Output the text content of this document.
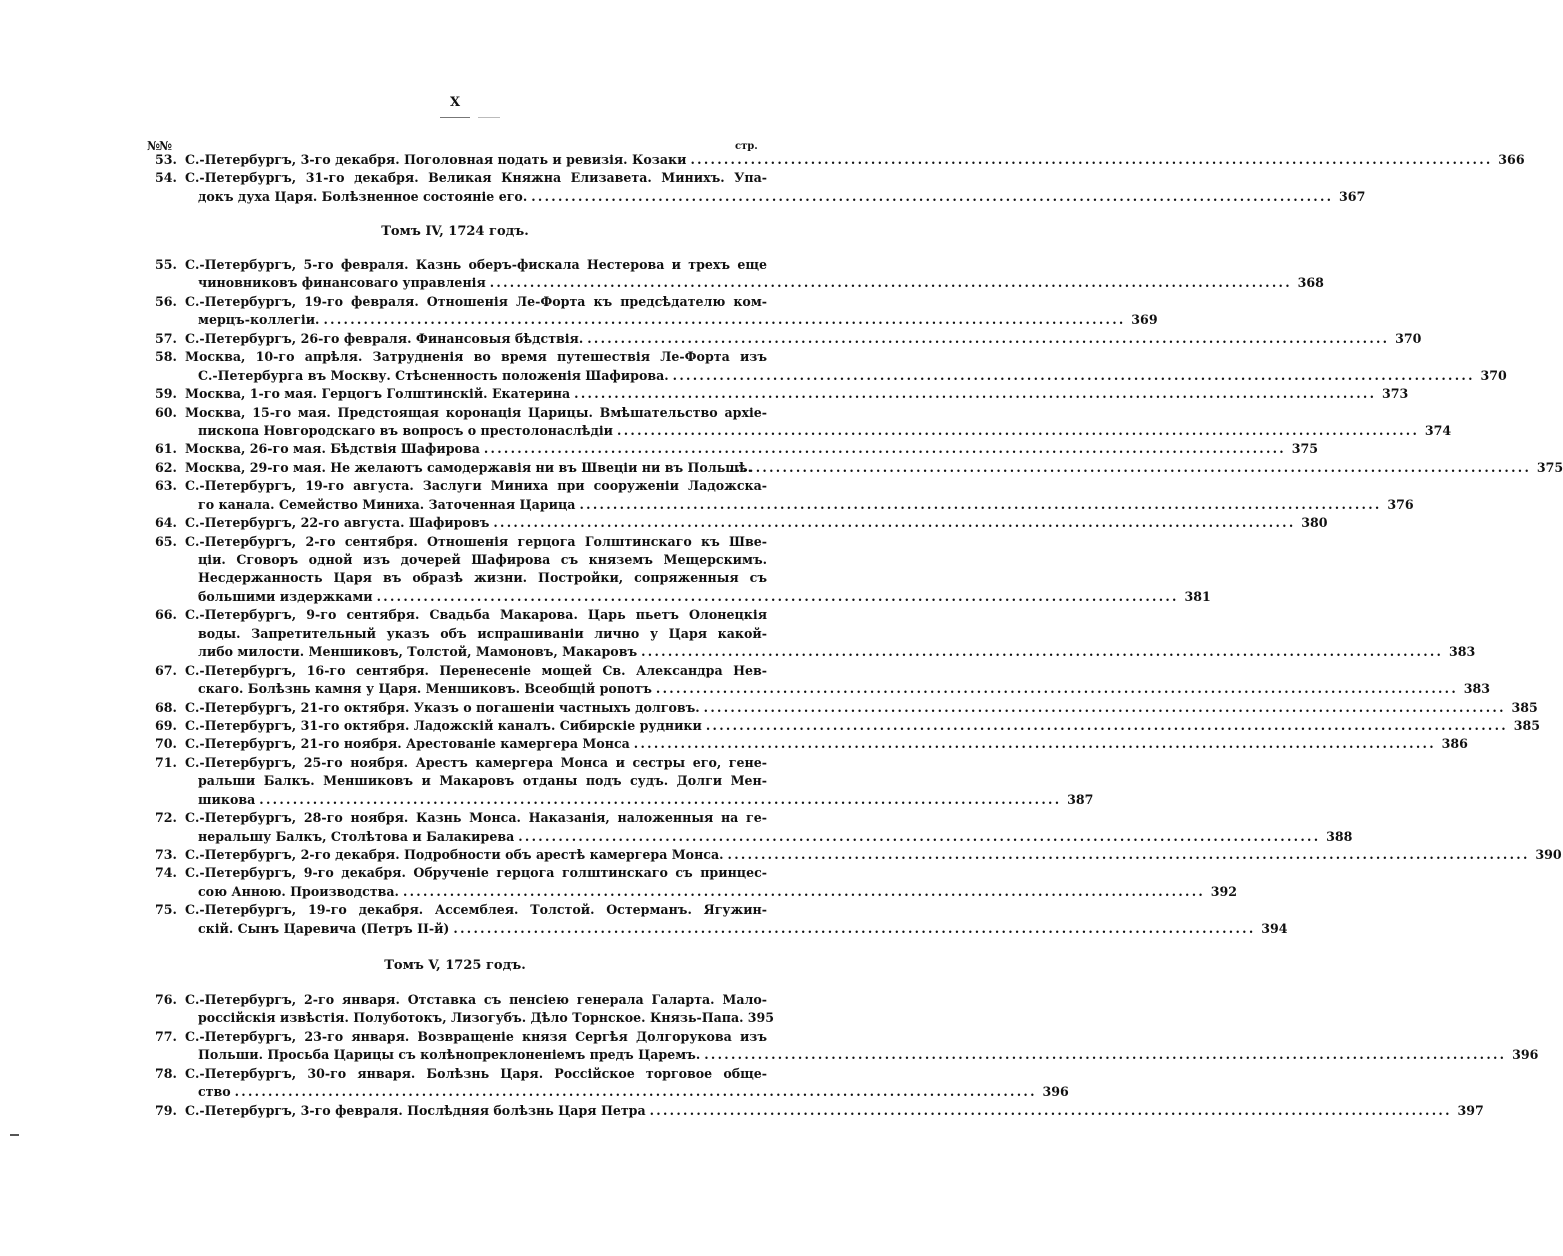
X
№№	стр.
53. С.-Петербургъ, 3-го декабря. Поголовная подать и ревизія. Козаки ........................................................................................................................ 366
54. С.-Петербургъ, 31-го декабря. Великая Княжна Елизавета. Минихъ. Упа-
докъ духа Царя. Болѣзненное состояніе его. ........................................................................................................................ 367
Томъ IV, 1724 годъ.
55. С.-Петербургъ, 5-го февраля. Казнь оберъ-фискала Нестерова и трехъ еще
чиновниковъ финансоваго управленія ........................................................................................................................ 368
56. С.-Петербургъ, 19-го февраля. Отношенія Ле-Форта къ предсѣдателю ком-
мерцъ-коллегіи. ........................................................................................................................ 369
57. С.-Петербургъ, 26-го февраля. Финансовыя бѣдствія. ........................................................................................................................ 370
58. Москва, 10-го апрѣля. Затрудненія во время путешествія Ле-Форта изъ
С.-Петербурга въ Москву. Стѣсненность положенія Шафирова. ........................................................................................................................ 370
59. Москва, 1-го мая. Герцогъ Голштинскій. Екатерина ........................................................................................................................ 373
60. Москва, 15-го мая. Предстоящая коронація Царицы. Вмѣшательство архіе-
пископа Новгородскаго въ вопросъ о престолонаслѣдіи ........................................................................................................................ 374
61. Москва, 26-го мая. Бѣдствія Шафирова ........................................................................................................................ 375
62. Москва, 29-го мая. Не желаютъ самодержавія ни въ Швеціи ни въ Польшѣ.
........................................................................................................................ 375
63. С.-Петербургъ, 19-го августа. Заслуги Миниха при сооруженіи Ладожска-
го канала. Семейство Миниха. Заточенная Царица ........................................................................................................................ 376
64. С.-Петербургъ, 22-го августа. Шафировъ ........................................................................................................................ 380
65. С.-Петербургъ, 2-го сентября. Отношенія герцога Голштинскаго къ Шве-
ціи. Сговоръ одной изъ дочерей Шафирова съ княземъ Мещерскимъ.
Несдержанность Царя въ образѣ жизни. Постройки, сопряженныя съ
большими издержками ........................................................................................................................ 381
66. С.-Петербургъ, 9-го сентября. Свадьба Макарова. Царь пьетъ Олонецкія
воды. Запретительный указъ объ испрашиваніи лично у Царя какой-
либо милости. Меншиковъ, Толстой, Мамоновъ, Макаровъ ........................................................................................................................ 383
67. С.-Петербургъ, 16-го сентября. Перенесеніе мощей Св. Александра Нев-
скаго. Болѣзнь камня у Царя. Меншиковъ. Всеобщій ропотъ ........................................................................................................................ 383
68. С.-Петербургъ, 21-го октября. Указъ о погашеніи частныхъ долговъ. ........................................................................................................................ 385
69. С.-Петербургъ, 31-го октября. Ладожскій каналъ. Сибирскіе рудники ........................................................................................................................ 385
70. С.-Петербургъ, 21-го ноября. Арестованіе камергера Монса ........................................................................................................................ 386
71. С.-Петербургъ, 25-го ноября. Арестъ камергера Монса и сестры его, гене-
ральши Балкъ. Меншиковъ и Макаровъ отданы подъ судъ. Долги Мен-
шикова ........................................................................................................................ 387
72. С.-Петербургъ, 28-го ноября. Казнь Монса. Наказанія, наложенныя на ге-
неральшу Балкъ, Столѣтова и Балакирева ........................................................................................................................ 388
73. С.-Петербургъ, 2-го декабря. Подробности объ арестѣ камергера Монса. ........................................................................................................................ 390
74. С.-Петербургъ, 9-го декабря. Обрученіе герцога голштинскаго съ принцес-
сою Анною. Производства. ........................................................................................................................ 392
75. С.-Петербургъ, 19-го декабря. Ассемблея. Толстой. Остерманъ. Ягужин-
скій. Сынъ Царевича (Петръ II-й) ........................................................................................................................ 394
Томъ V, 1725 годъ.
76. С.-Петербургъ, 2-го января. Отставка съ пенсіею генерала Галарта. Мало-
россійскія извѣстія. Полуботокъ, Лизогубъ. Дѣло Торнское. Князь-Папа. 395
77. С.-Петербургъ, 23-го января. Возвращеніе князя Сергѣя Долгорукова изъ
Польши. Просьба Царицы съ колѣнопреклоненіемъ предъ Царемъ. ........................................................................................................................ 396
78. С.-Петербургъ, 30-го января. Болѣзнь Царя. Россійское торговое обще-
ство ........................................................................................................................ 396
79. С.-Петербургъ, 3-го февраля. Послѣдняя болѣзнь Царя Петра ........................................................................................................................ 397
